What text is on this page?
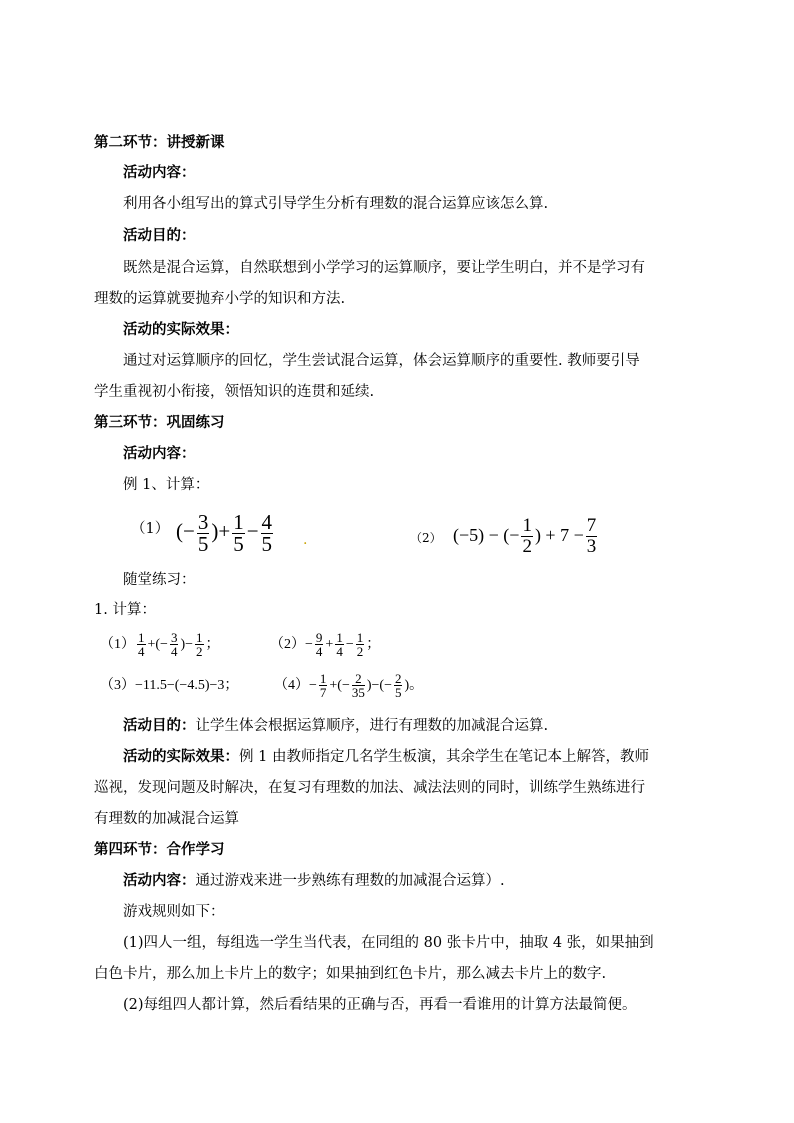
第二环节：讲授新课
活动内容：
利用各小组写出的算式引导学生分析有理数的混合运算应该怎么算.
活动目的：
既然是混合运算，自然联想到小学学习的运算顺序，要让学生明白，并不是学习有
理数的运算就要抛弃小学的知识和方法.
活动的实际效果：
通过对运算顺序的回忆，学生尝试混合运算，体会运算顺序的重要性. 教师要引导
学生重视初小衔接，领悟知识的连贯和延续.
第三环节：巩固练习
活动内容：
例 1、计算：
（1） (− $\frac{3}{5}$ )+ $\frac{1}{5} - \frac{4}{5}$ .	（2） (−5) − (− $\frac{1}{2}$ ) + $7 - \frac{7}{3}$
随堂练习：
1. 计算：
$(1) \frac{1}{4}$ +(− $\frac{3}{4}$ )− $\frac{1}{2}$ ；	$(2)- \frac{9}{4} + \frac{1}{4} - \frac{1}{2}$ ；
（3）−11.5−(−4.5)−3；	$(4)- \frac{1}{7}$ +(− $\frac{2}{35}$ )−(− $\frac{2}{5}$ )。
活动目的：让学生体会根据运算顺序，进行有理数的加减混合运算.
活动的实际效果：例 1 由教师指定几名学生板演，其余学生在笔记本上解答，教师
巡视，发现问题及时解决，在复习有理数的加法、减法法则的同时，训练学生熟练进行
有理数的加减混合运算
第四环节：合作学习
活动内容：通过游戏来进一步熟练有理数的加减混合运算）.
游戏规则如下：
(1)四人一组，每组选一学生当代表，在同组的 80 张卡片中，抽取 4 张，如果抽到
白色卡片，那么加上卡片上的数字；如果抽到红色卡片，那么减去卡片上的数字.
(2)每组四人都计算，然后看结果的正确与否，再看一看谁用的计算方法最简便。
